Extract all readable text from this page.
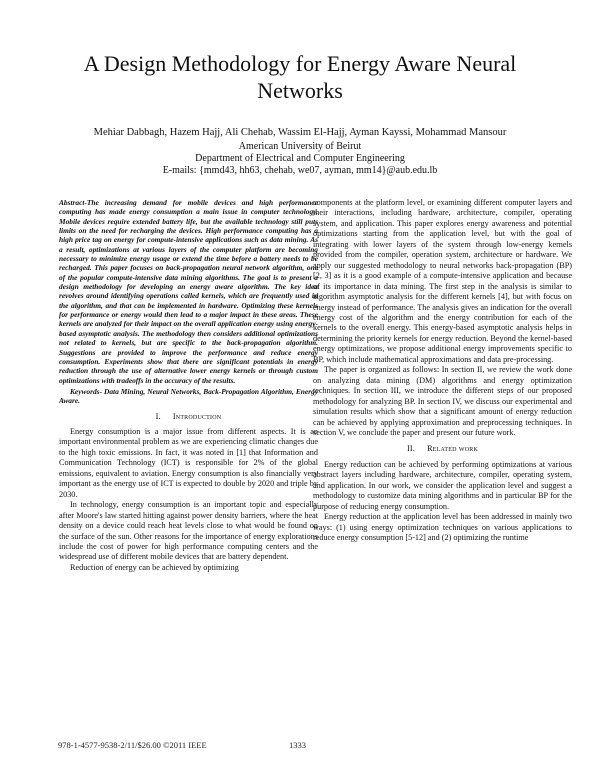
A Design Methodology for Energy Aware Neural Networks
Mehiar Dabbagh, Hazem Hajj, Ali Chehab, Wassim El-Hajj, Ayman Kayssi, Mohammad Mansour
American University of Beirut
Department of Electrical and Computer Engineering
E-mails: {mmd43, hh63, chehab, we07, ayman, mm14}@aub.edu.lb

Abstract-The increasing demand for mobile devices and high performance computing has made energy consumption a main issue in computer technology. Mobile devices require extended battery life, but the available technology still puts limits on the need for recharging the devices. High performance computing has a high price tag on energy for compute-intensive applications such as data mining. As a result, optimizations at various layers of the computer platform are becoming necessary to minimize energy usage or extend the time before a battery needs to be recharged. This paper focuses on back-propagation neural network algorithm, one of the popular compute-intensive data mining algorithms. The goal is to present a design methodology for developing an energy aware algorithm. The key idea revolves around identifying operations called kernels, which are frequently used in the algorithm, and that can be implemented in hardware. Optimizing these kernels for performance or energy would then lead to a major impact in these areas. These kernels are analyzed for their impact on the overall application energy using energy-based asymptotic analysis. The methodology then considers additional optimizations not related to kernels, but are specific to the back-propagation algorithm. Suggestions are provided to improve the performance and reduce energy consumption. Experiments show that there are significant potentials in energy reduction through the use of alternative lower energy kernels or through custom optimizations with tradeoffs in the accuracy of the results.

Keywords- Data Mining, Neural Networks, Back-Propagation Algorithm, Energy Aware.

I. Introduction

Energy consumption is a major issue from different aspects. It is an important environmental problem as we are experiencing climatic changes due to the high toxic emissions. In fact, it was noted in [1] that Information and Communication Technology (ICT) is responsible for 2% of the global emissions, equivalent to aviation. Energy consumption is also financially very important as the energy use of ICT is expected to double by 2020 and triple by 2030.

In technology, energy consumption is an important topic and especially after Moore's law started hitting against power density barriers, where the heat density on a device could reach heat levels close to what would be found on the surface of the sun. Other reasons for the importance of energy explorations include the cost of power for high performance computing centers and the widespread use of different mobile devices that are battery dependent.

Reduction of energy can be achieved by optimizing

components at the platform level, or examining different computer layers and their interactions, including hardware, architecture, compiler, operating system, and application. This paper explores energy awareness and potential optimizations starting from the application level, but with the goal of integrating with lower layers of the system through low-energy kernels provided from the compiler, operation system, architecture or hardware. We apply our suggested methodology to neural networks back-propagation (BP) [2, 3] as it is a good example of a compute-intensive application and because of its importance in data mining. The first step in the analysis is similar to algorithm asymptotic analysis for the different kernels [4], but with focus on energy instead of performance. The analysis gives an indication for the overall energy cost of the algorithm and the energy contribution for each of the kernels to the overall energy. This energy-based asymptotic analysis helps in determining the priority kernels for energy reduction. Beyond the kernel-based energy optimizations, we propose additional energy improvements specific to BP, which include mathematical approximations and data pre-processing.

The paper is organized as follows: In section II, we review the work done on analyzing data mining (DM) algorithms and energy optimization techniques. In section III, we introduce the different steps of our proposed methodology for analyzing BP. In section IV, we discuss our experimental and simulation results which show that a significant amount of energy reduction can be achieved by applying approximation and preprocessing techniques. In section V, we conclude the paper and present our future work.

II. Related work

Energy reduction can be achieved by performing optimizations at various abstract layers including hardware, architecture, compiler, operating system, and application. In our work, we consider the application level and suggest a methodology to customize data mining algorithms and in particular BP for the purpose of reducing energy consumption.

Energy reduction at the application level has been addressed in mainly two ways: (1) using energy optimization techniques on various applications to reduce energy consumption [5-12] and (2) optimizing the runtime

978-1-4577-9538-2/11/$26.00 ©2011 IEEE	1333
